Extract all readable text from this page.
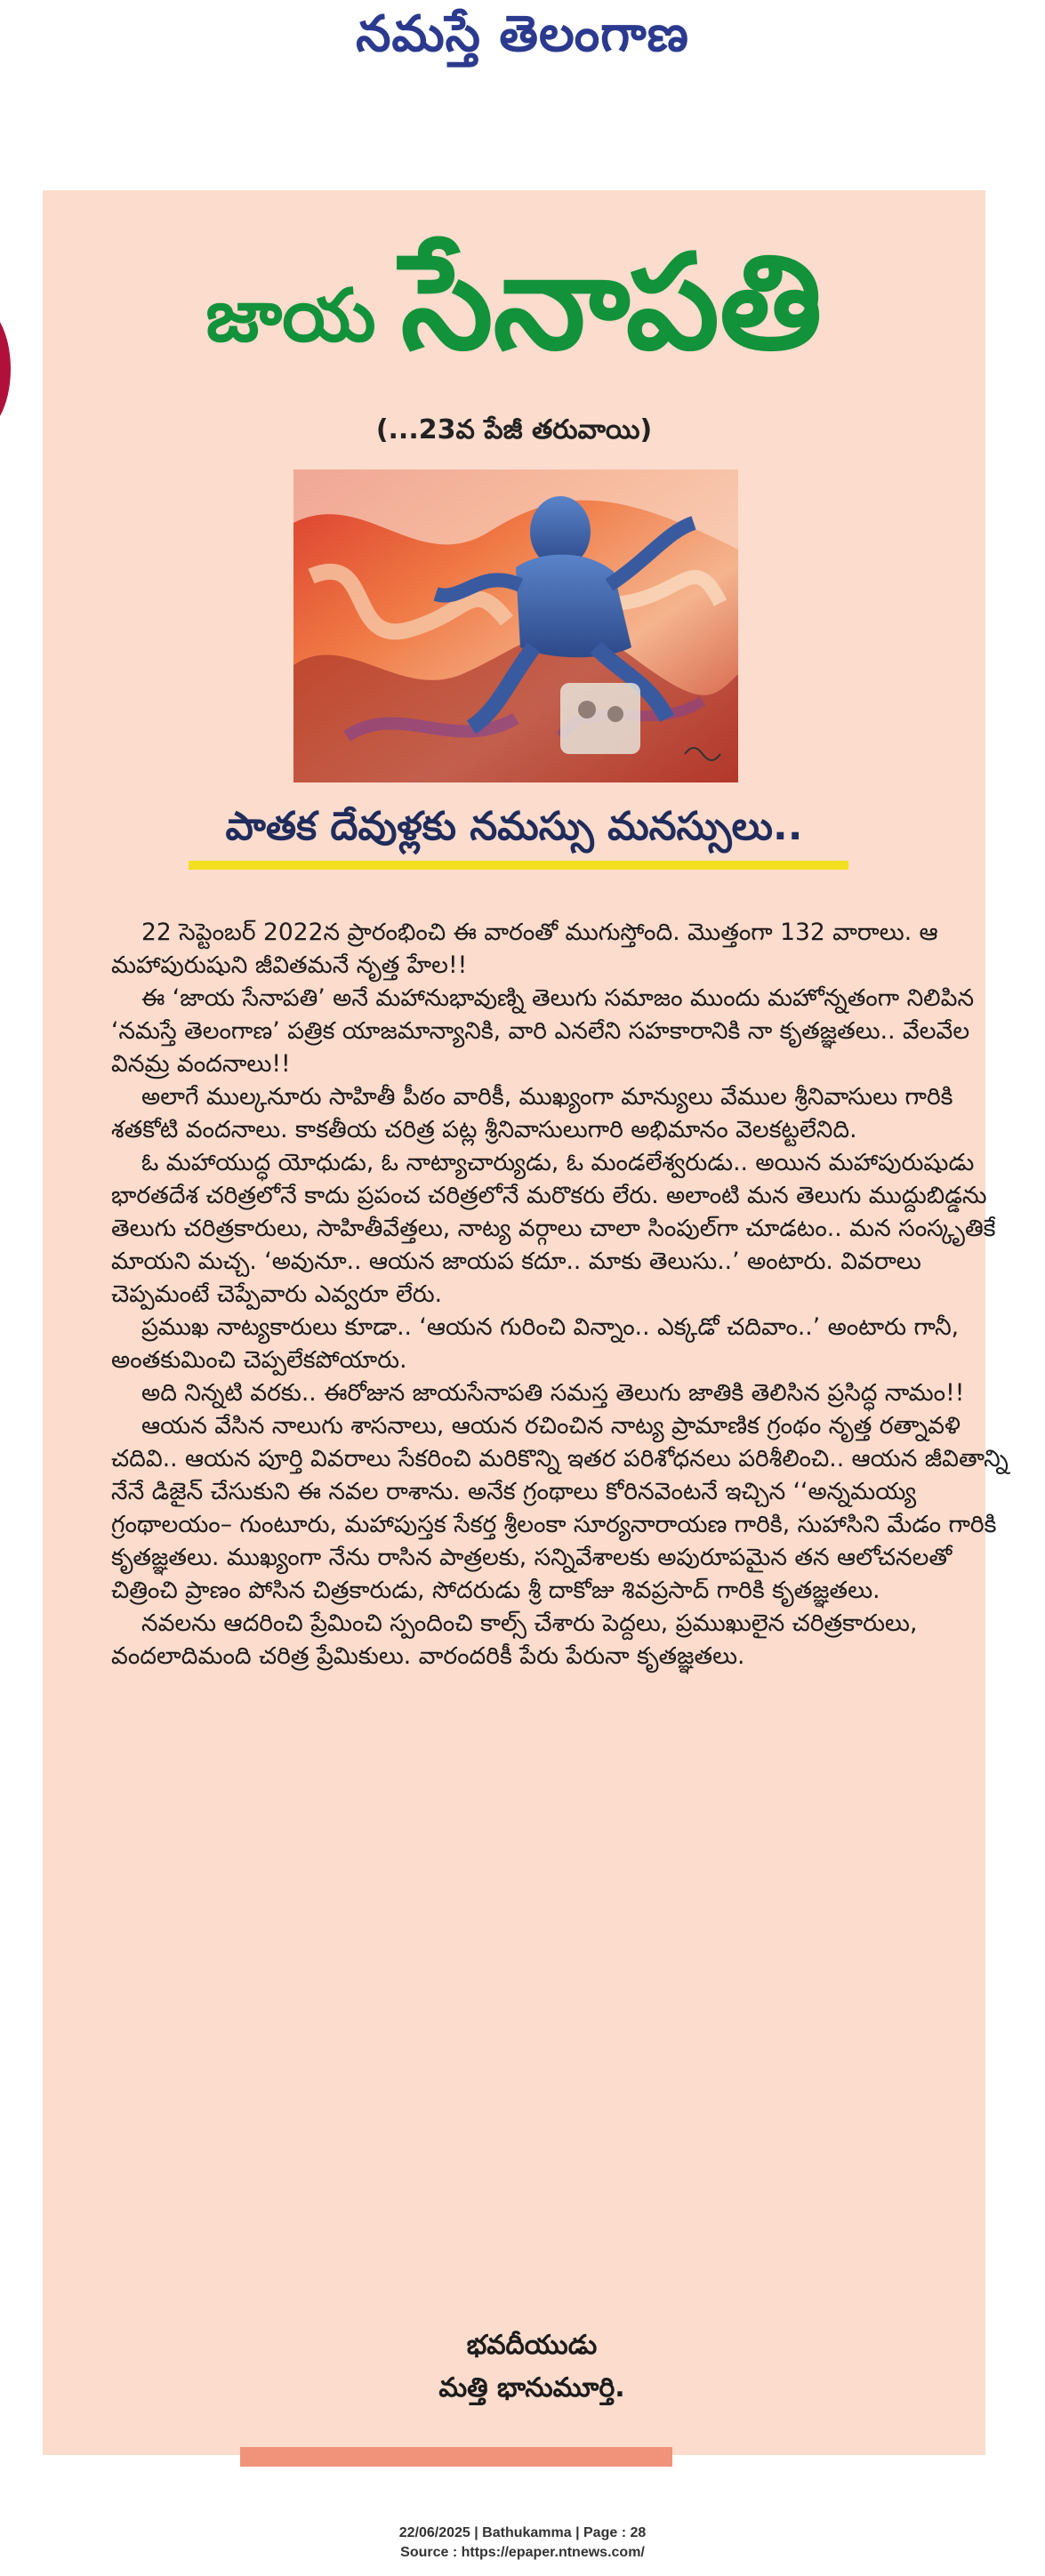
నమస్తే తెలంగాణ
జాయ సేనాపతి
(...23వ పేజీ తరువాయి)
పాతక దేవుళ్లకు నమస్సు మనస్సులు..

22 సెప్టెంబర్ 2022న ప్రారంభించి ఈ వారంతో ముగుస్తోంది. మొత్తంగా 132 వారాలు. ఆ మహాపురుషుని జీవితమనే నృత్త హేల!!

ఈ ‘జాయ సేనాపతి’ అనే మహానుభావుణ్ని తెలుగు సమాజం ముందు మహోన్నతంగా నిలిపిన ‘నమస్తే తెలంగాణ’ పత్రిక యాజమాన్యానికి, వారి ఎనలేని సహకారానికి నా కృతజ్ఞతలు.. వేలవేల వినమ్ర వందనాలు!!

అలాగే ముల్కనూరు సాహితీ పీఠం వారికీ, ముఖ్యంగా మాన్యులు వేముల శ్రీనివాసులు గారికి శతకోటి వందనాలు. కాకతీయ చరిత్ర పట్ల శ్రీనివాసులుగారి అభిమానం వెలకట్టలేనిది.

ఓ మహాయుద్ధ యోధుడు, ఓ నాట్యాచార్యుడు, ఓ మండలేశ్వరుడు.. అయిన మహాపురుషుడు భారతదేశ చరిత్రలోనే కాదు ప్రపంచ చరిత్రలోనే మరొకరు లేరు. అలాంటి మన తెలుగు ముద్దుబిడ్డను తెలుగు చరిత్రకారులు, సాహితీవేత్తలు, నాట్య వర్గాలు చాలా సింపుల్‌గా చూడటం.. మన సంస్కృతికే మాయని మచ్చ. ‘అవునూ.. ఆయన జాయప కదూ.. మాకు తెలుసు..’ అంటారు. వివరాలు చెప్పమంటే చెప్పేవారు ఎవ్వరూ లేరు.

ప్రముఖ నాట్యకారులు కూడా.. ‘ఆయన గురించి విన్నాం.. ఎక్కడో చదివాం..’ అంటారు గానీ, అంతకుమించి చెప్పలేకపోయారు.

అది నిన్నటి వరకు.. ఈరోజున జాయసేనాపతి సమస్త తెలుగు జాతికి తెలిసిన ప్రసిద్ధ నామం!!

ఆయన వేసిన నాలుగు శాసనాలు, ఆయన రచించిన నాట్య ప్రామాణిక గ్రంథం నృత్త రత్నావళి చదివి.. ఆయన పూర్తి వివరాలు సేకరించి మరికొన్ని ఇతర పరిశోధనలు పరిశీలించి.. ఆయన జీవితాన్ని నేనే డిజైన్ చేసుకుని ఈ నవల రాశాను. అనేక గ్రంథాలు కోరినవెంటనే ఇచ్చిన ‘‘అన్నమయ్య గ్రంథాలయం– గుంటూరు, మహాపుస్తక సేకర్త శ్రీలంకా సూర్యనారాయణ గారికి, సుహాసిని మేడం గారికి కృతజ్ఞతలు. ముఖ్యంగా నేను రాసిన పాత్రలకు, సన్నివేశాలకు అపురూపమైన తన ఆలోచనలతో చిత్రించి ప్రాణం పోసిన చిత్రకారుడు, సోదరుడు శ్రీ దాకోజు శివప్రసాద్ గారికి కృతజ్ఞతలు.

నవలను ఆదరించి ప్రేమించి స్పందించి కాల్స్ చేశారు పెద్దలు, ప్రముఖులైన చరిత్రకారులు, వందలాదిమంది చరిత్ర ప్రేమికులు. వారందరికీ పేరు పేరునా కృతజ్ఞతలు.

భవదీయుడు
మత్తి భానుమూర్తి.
22/06/2025 | Bathukamma | Page : 28
Source : https://epaper.ntnews.com/
